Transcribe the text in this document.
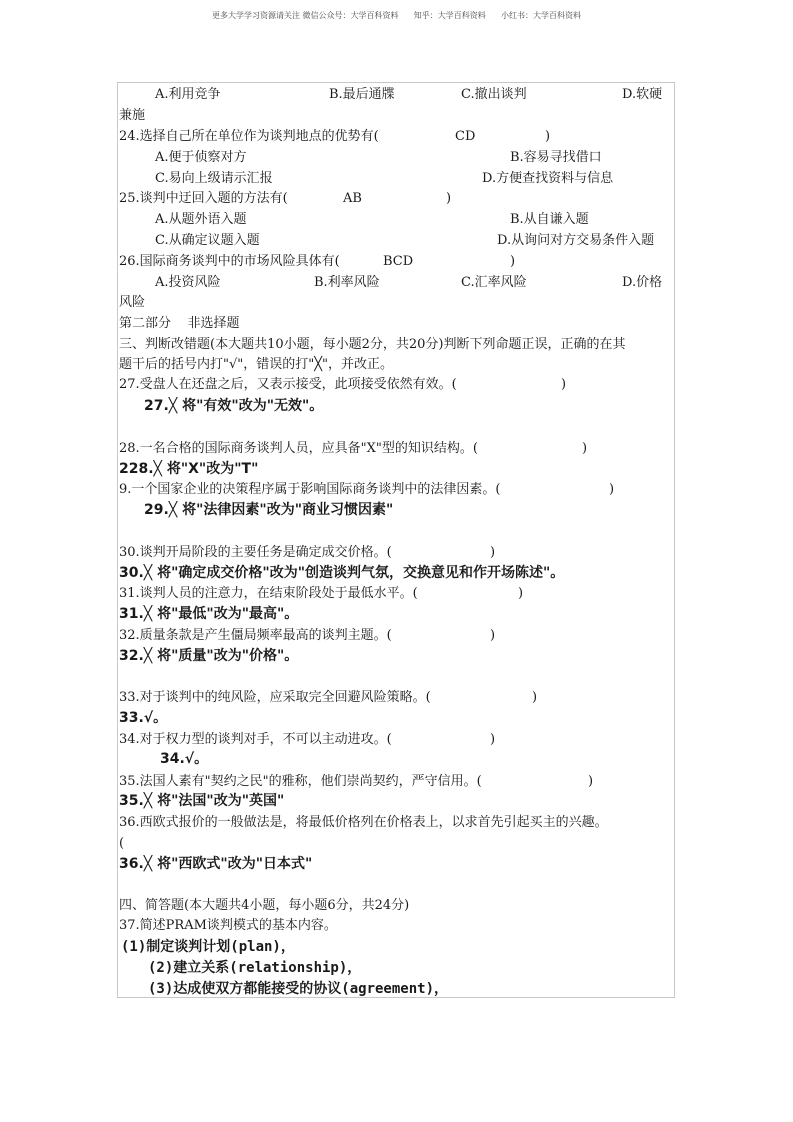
更多大学学习资源请关注 微信公众号：大学百科资料      知乎：大学百科资料      小红书：大学百科资料
A.利用竞争	B.最后通牒	C.撤出谈判	D.软硬
兼施
24.选择自己所在单位作为谈判地点的优势有(	CD	)
A.便于侦察对方	B.容易寻找借口
C.易向上级请示汇报	D.方便查找资料与信息
25.谈判中迂回入题的方法有(	AB	)
A.从题外语入题	B.从自谦入题
C.从确定议题入题	D.从询问对方交易条件入题
26.国际商务谈判中的市场风险具体有(	BCD	)
A.投资风险	B.利率风险	C.汇率风险	D.价格
风险
第二部分    非选择题
三、判断改错题(本大题共10小题，每小题2分，共20分)判断下列命题正误，正确的在其
题干后的括号内打"√"，错误的打"╳"，并改正。
27.受盘人在还盘之后，又表示接受，此项接受依然有效。(	)
27.╳ 将"有效"改为"无效"。
28.一名合格的国际商务谈判人员，应具备"X"型的知识结构。(	)
228.╳ 将"X"改为"T"
9.一个国家企业的决策程序属于影响国际商务谈判中的法律因素。(	)
29.╳ 将"法律因素"改为"商业习惯因素"
30.谈判开局阶段的主要任务是确定成交价格。(	)
30.╳ 将"确定成交价格"改为"创造谈判气氛，交换意见和作开场陈述"。
31.谈判人员的注意力，在结束阶段处于最低水平。(	)
31.╳ 将"最低"改为"最高"。
32.质量条款是产生僵局频率最高的谈判主题。(	)
32.╳ 将"质量"改为"价格"。
33.对于谈判中的纯风险，应采取完全回避风险策略。(	)
33.√。
34.对于权力型的谈判对手，不可以主动进攻。(	)
34.√。
35.法国人素有"契约之民"的雅称，他们崇尚契约，严守信用。(	)
35.╳ 将"法国"改为"英国"
36.西欧式报价的一般做法是，将最低价格列在价格表上，以求首先引起买主的兴趣。
(
36.╳ 将"西欧式"改为"日本式"
四、简答题(本大题共4小题，每小题6分，共24分)
37.简述PRAM谈判模式的基本内容。
(1)制定谈判计划(plan)，
(2)建立关系(relationship)，
(3)达成使双方都能接受的协议(agreement)，
